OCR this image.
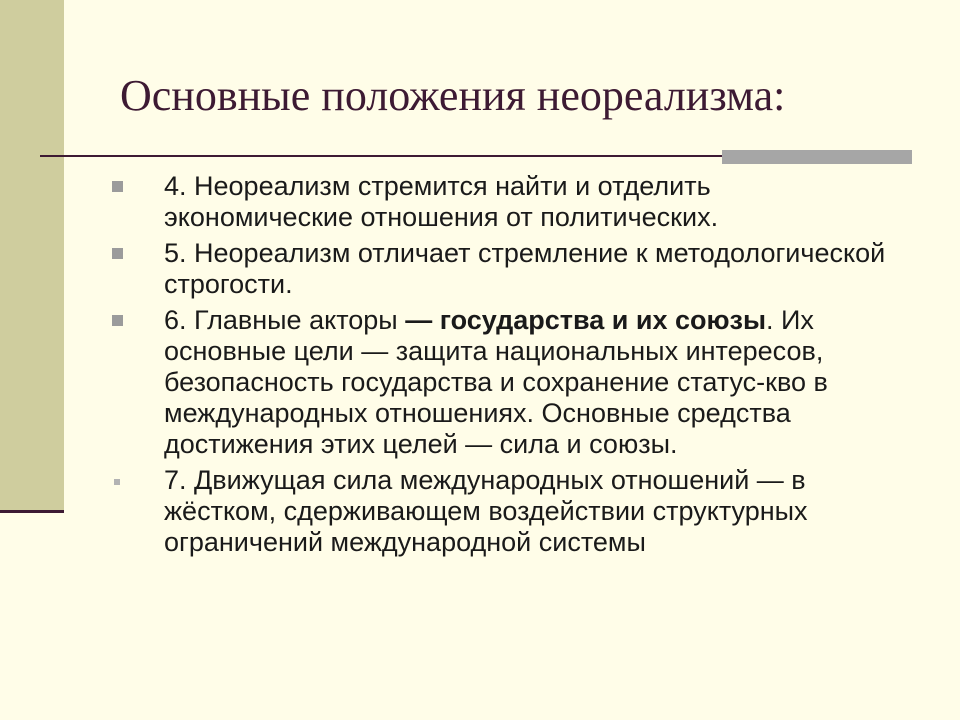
Основные положения неореализма:
4. Неореализм стремится найти и отделить экономические отношения от политических.
5. Неореализм отличает стремление к методологической строгости.
6. Главные акторы — государства и их союзы. Их основные цели — защита национальных интересов, безопасность государства и сохранение статус-кво в международных отношениях. Основные средства достижения этих целей — сила и союзы.
7. Движущая сила международных отношений — в жёстком, сдерживающем воздействии структурных ограничений международной системы
